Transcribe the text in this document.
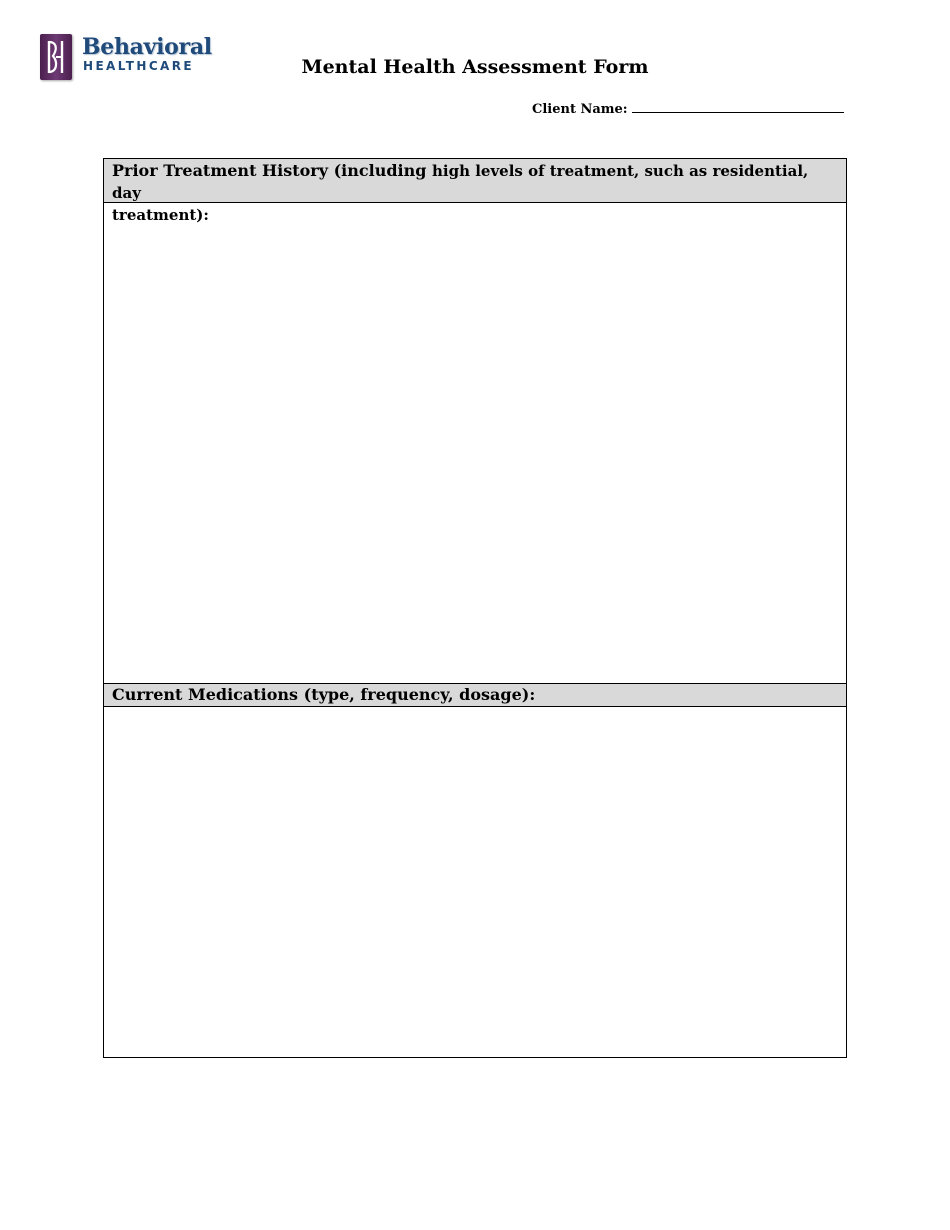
Behavioral
HEALTHCARE	Mental Health Assessment Form
Client Name:
Prior Treatment History (including high levels of treatment, such as residential, day
treatment):
Current Medications (type, frequency, dosage):
